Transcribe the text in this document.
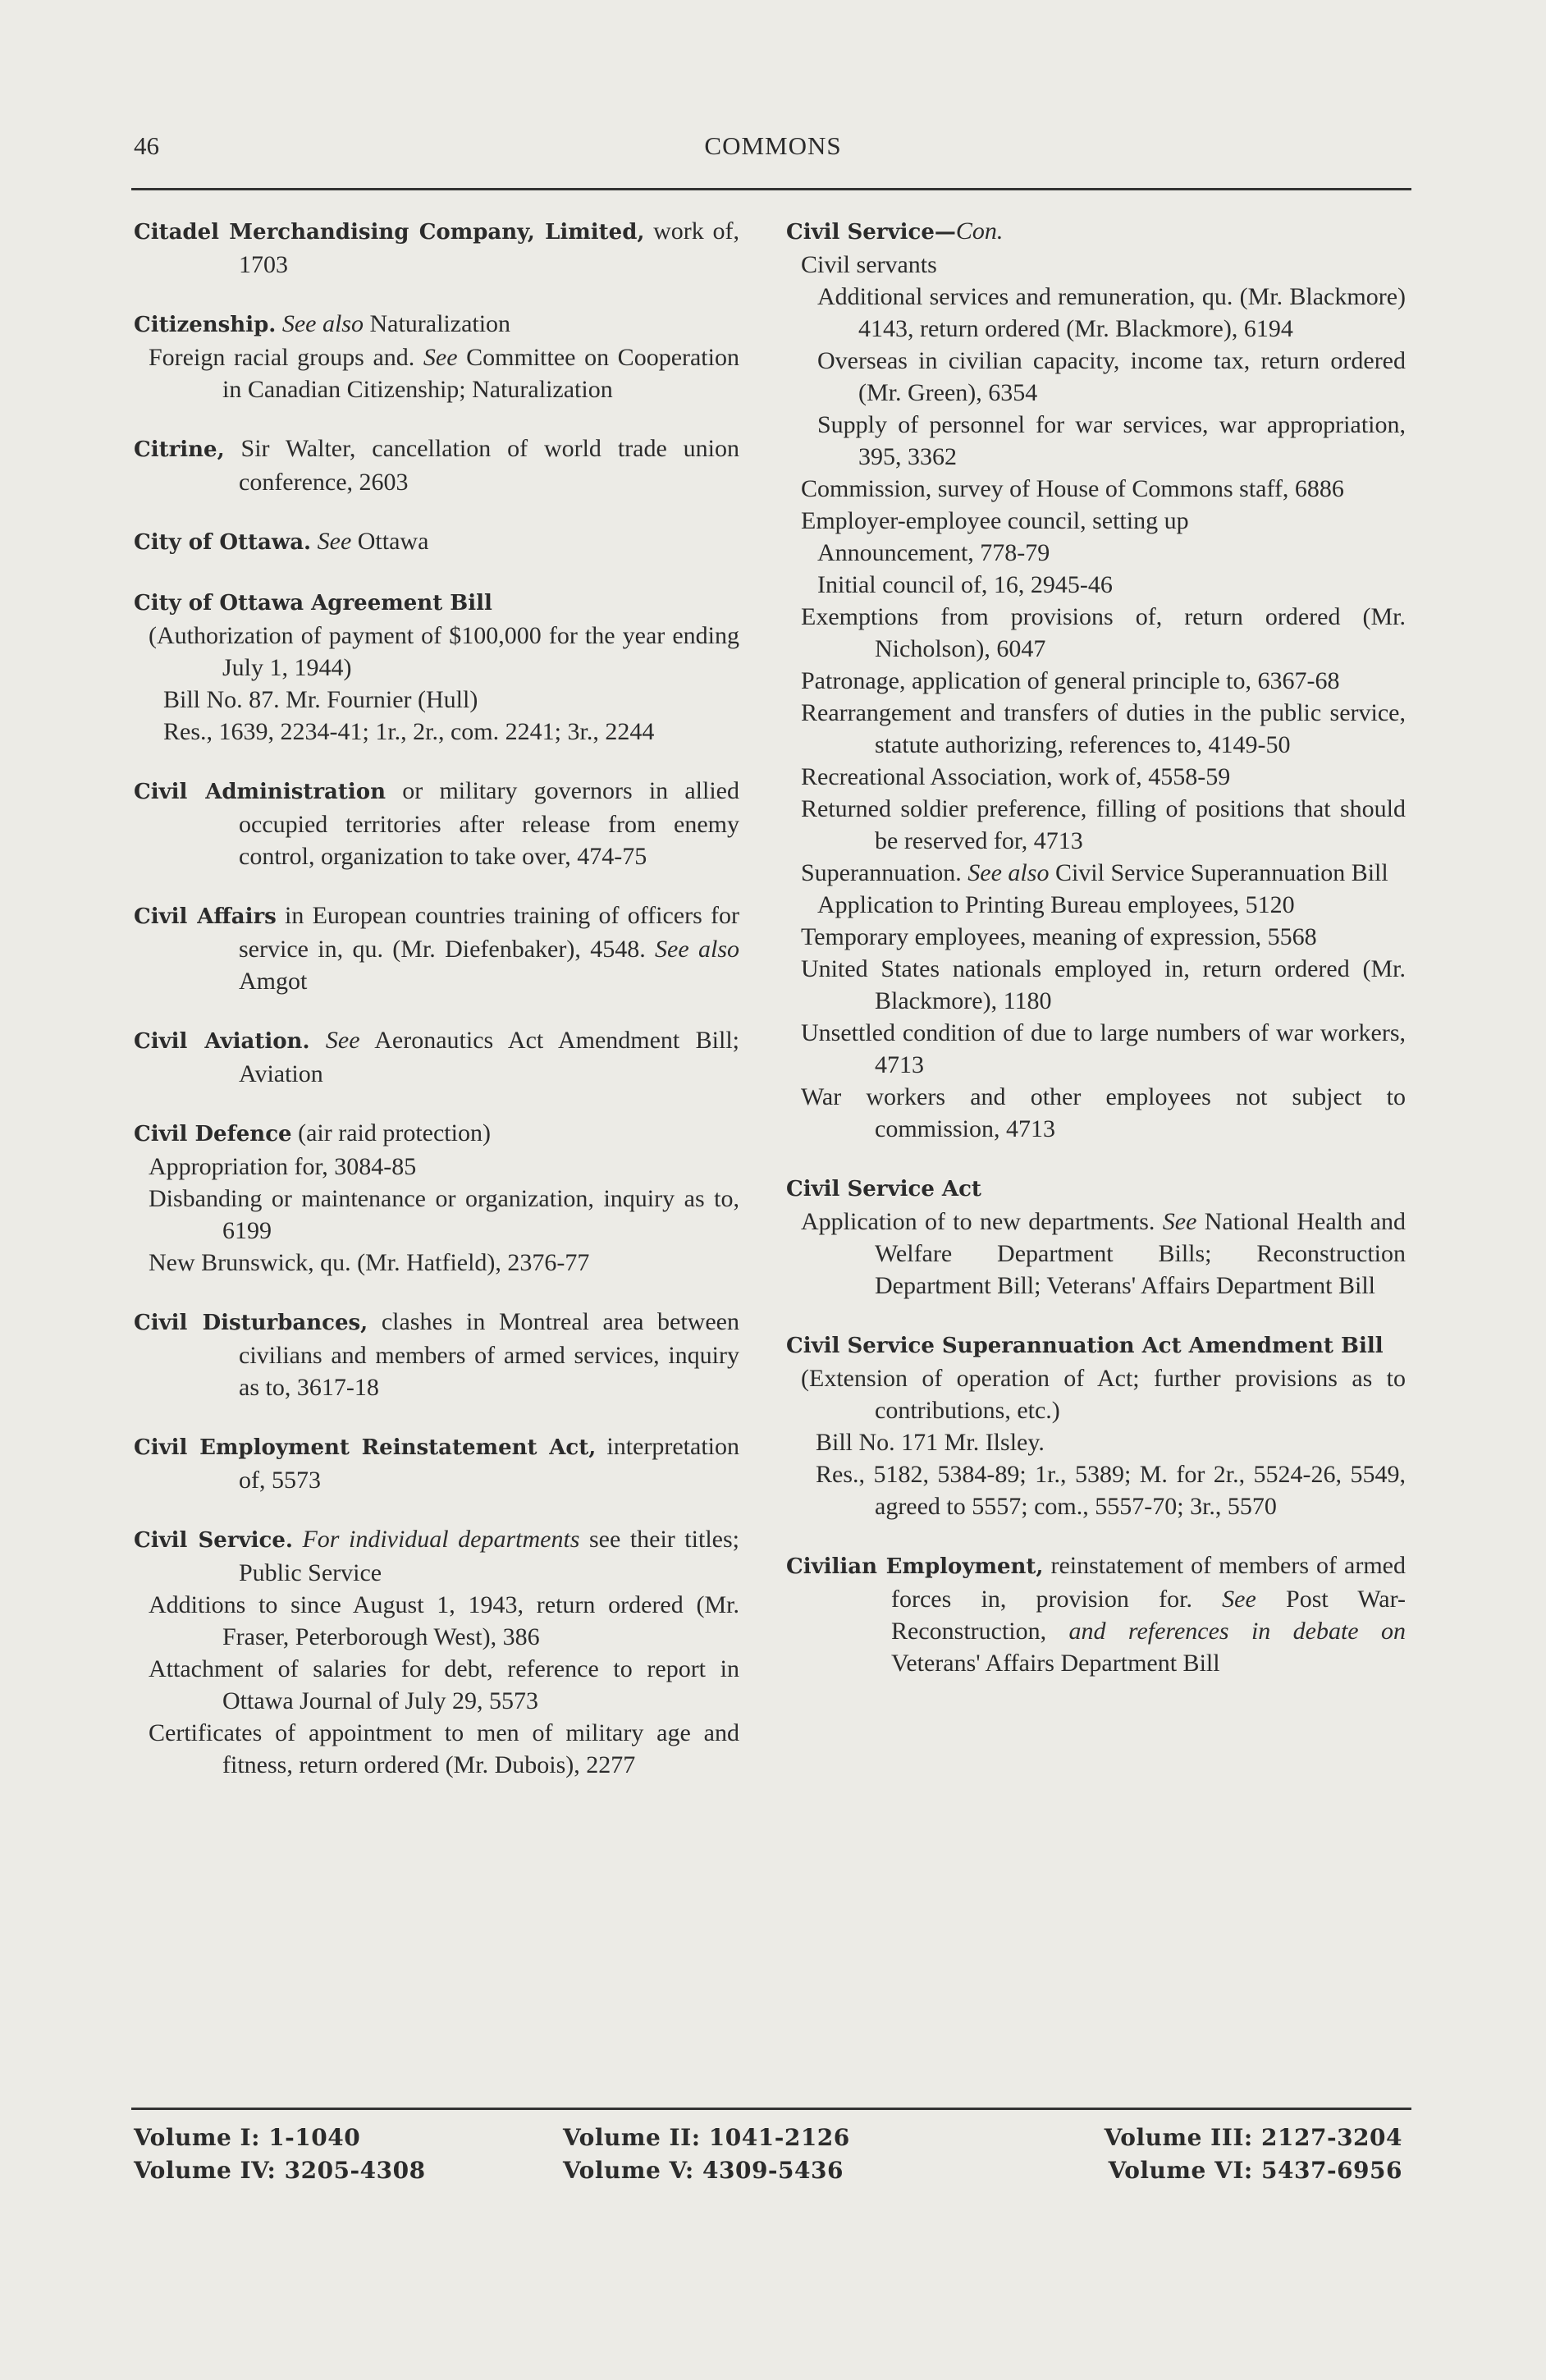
46	COMMONS
Citadel Merchandising Company, Limited, work of, 1703
Citizenship. See also Naturalization
Foreign racial groups and. See Committee on Cooperation in Canadian Citizenship; Naturalization
Citrine, Sir Walter, cancellation of world trade union conference, 2603
City of Ottawa. See Ottawa
City of Ottawa Agreement Bill
(Authorization of payment of $100,000 for the year ending July 1, 1944)
Bill No. 87. Mr. Fournier (Hull)
Res., 1639, 2234-41; 1r., 2r., com. 2241; 3r., 2244
Civil Administration or military governors in allied occupied territories after release from enemy control, organization to take over, 474-75
Civil Affairs in European countries training of officers for service in, qu. (Mr. Diefenbaker), 4548. See also Amgot
Civil Aviation. See Aeronautics Act Amendment Bill; Aviation
Civil Defence (air raid protection)
Appropriation for, 3084-85
Disbanding or maintenance or organization, inquiry as to, 6199
New Brunswick, qu. (Mr. Hatfield), 2376-77
Civil Disturbances, clashes in Montreal area between civilians and members of armed services, inquiry as to, 3617-18
Civil Employment Reinstatement Act, interpretation of, 5573
Civil Service. For individual departments see their titles; Public Service
Additions to since August 1, 1943, return ordered (Mr. Fraser, Peterborough West), 386
Attachment of salaries for debt, reference to report in Ottawa Journal of July 29, 5573
Certificates of appointment to men of military age and fitness, return ordered (Mr. Dubois), 2277
Civil Service—Con.
Civil servants
Additional services and remuneration, qu. (Mr. Blackmore) 4143, return ordered (Mr. Blackmore), 6194
Overseas in civilian capacity, income tax, return ordered (Mr. Green), 6354
Supply of personnel for war services, war appropriation, 395, 3362
Commission, survey of House of Commons staff, 6886
Employer-employee council, setting up
Announcement, 778-79
Initial council of, 16, 2945-46
Exemptions from provisions of, return ordered (Mr. Nicholson), 6047
Patronage, application of general principle to, 6367-68
Rearrangement and transfers of duties in the public service, statute authorizing, references to, 4149-50
Recreational Association, work of, 4558-59
Returned soldier preference, filling of positions that should be reserved for, 4713
Superannuation. See also Civil Service Superannuation Bill
Application to Printing Bureau employees, 5120
Temporary employees, meaning of expression, 5568
United States nationals employed in, return ordered (Mr. Blackmore), 1180
Unsettled condition of due to large numbers of war workers, 4713
War workers and other employees not subject to commission, 4713
Civil Service Act
Application of to new departments. See National Health and Welfare Department Bills; Reconstruction Department Bill; Veterans' Affairs Department Bill
Civil Service Superannuation Act Amendment Bill
(Extension of operation of Act; further provisions as to contributions, etc.)
Bill No. 171 Mr. Ilsley.
Res., 5182, 5384-89; 1r., 5389; M. for 2r., 5524-26, 5549, agreed to 5557; com., 5557-70; 3r., 5570
Civilian Employment, reinstatement of members of armed forces in, provision for. See Post War-Reconstruction, and references in debate on Veterans' Affairs Department Bill
Volume I: 1-1040
Volume IV: 3205-4308
Volume II: 1041-2126
Volume V: 4309-5436
Volume III: 2127-3204
Volume VI: 5437-6956
